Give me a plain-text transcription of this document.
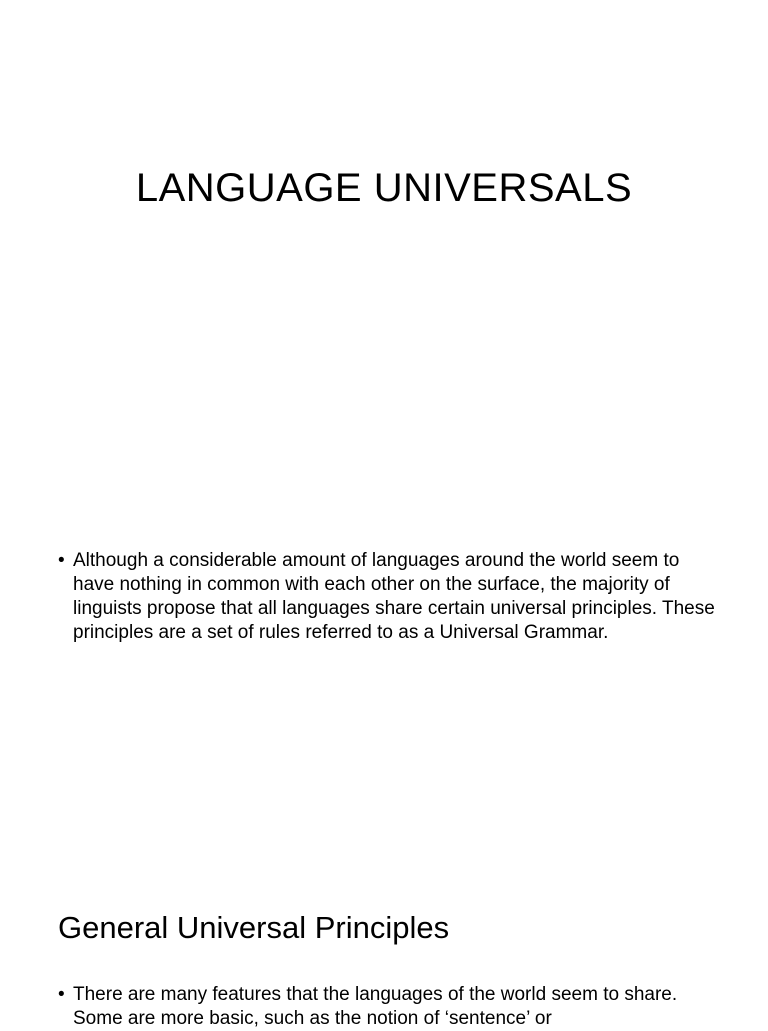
LANGUAGE UNIVERSALS
• Although a considerable amount of languages around the world seem to have nothing in common with each other on the surface, the majority of linguists propose that all languages share certain universal principles. These principles are a set of rules referred to as a Universal Grammar.
General Universal Principles
• There are many features that the languages of the world seem to share. Some are more basic, such as the notion of ‘sentence’ or
